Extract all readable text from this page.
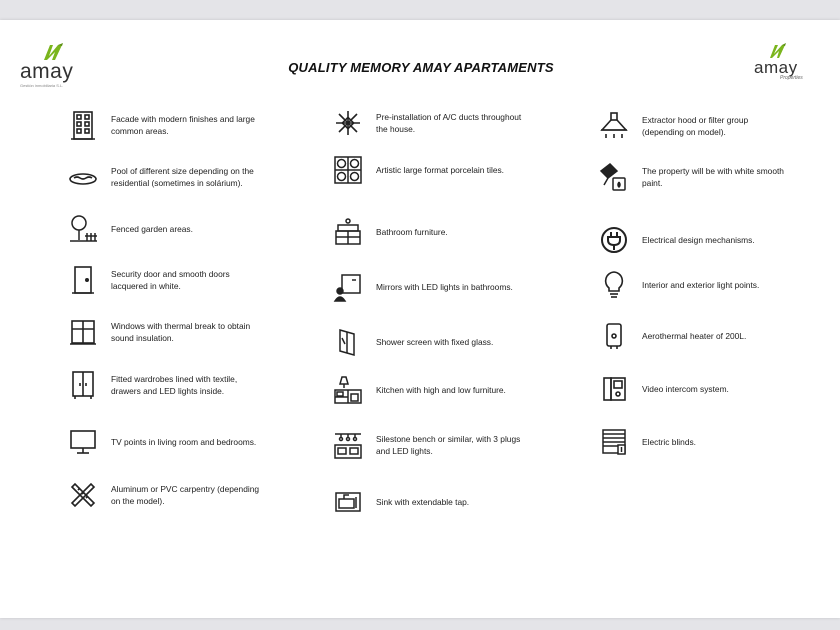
amay
Gestión inmobiliaria S.L.
amay
Properties
QUALITY MEMORY AMAY APARTAMENTS
Facade with modern finishes and large common areas.
Pool of different size depending on the residential (sometimes in solárium).
Fenced garden areas.
Security door and smooth doors lacquered in white.
Windows with thermal break to obtain sound insulation.
Fitted wardrobes lined with textile, drawers and LED lights inside.
TV points in living room and bedrooms.
Aluminum or PVC carpentry (depending on the model).
Pre-installation of A/C ducts throughout the house.
Artistic large format porcelain tiles.
Bathroom furniture.
Mirrors with LED lights in bathrooms.
Shower screen with fixed glass.
Kitchen with high and low furniture.
Silestone bench or similar, with 3 plugs and LED lights.
Sink with extendable tap.
Extractor hood or filter group (depending on model).
The property will be with white smooth paint.
Electrical design mechanisms.
Interior and exterior light points.
Aerothermal heater of 200L.
Video intercom system.
Electric blinds.
